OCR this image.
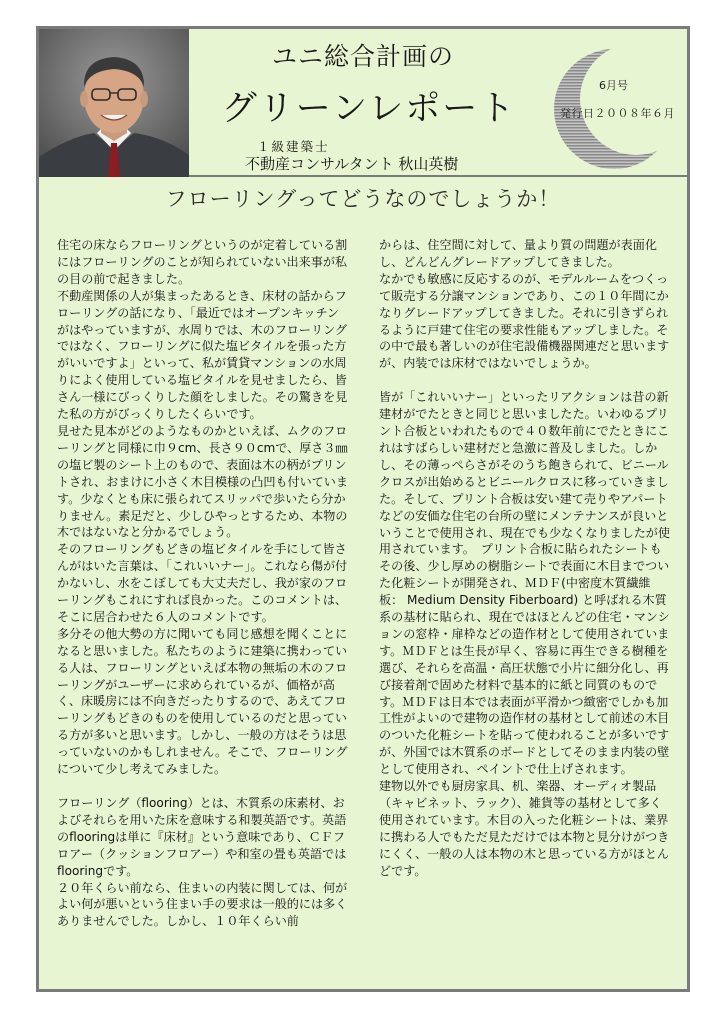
ユニ総合計画の
グリーンレポート
6月号
発行日２００８年６月
１級建築士
不動産コンサルタント 秋山英樹
フローリングってどうなのでしょうか！

住宅の床ならフローリングというのが定着している割にはフローリングのことが知られていない出来事が私の目の前で起きました。

不動産関係の人が集まったあるとき、床材の話からフローリングの話になり、「最近ではオープンキッチンがはやっていますが、水周りでは、木のフローリングではなく、フローリングに似た塩ビタイルを張った方がいいですよ」といって、私が賃貸マンションの水周りによく使用している塩ビタイルを見せましたら、皆さん一様にびっくりした顔をしました。その驚きを見た私の方がびっくりしたくらいです。

見せた見本がどのようなものかといえば、ムクのフローリングと同様に巾９cm、長さ９０cmで、厚さ３㎜の塩ビ製のシート上のもので、表面は木の柄がプリントされ、おまけに小さく木目模様の凸凹も付いています。少なくとも床に張られてスリッパで歩いたら分かりません。素足だと、少しひやっとするため、本物の木ではないなと分かるでしょう。

そのフローリングもどきの塩ビタイルを手にして皆さんがはいた言葉は、「これいいナー」。これなら傷が付かないし、水をこぼしても大丈夫だし、我が家のフローリングもこれにすれば良かった。このコメントは、そこに居合わせた６人のコメントです。

多分その他大勢の方に聞いても同じ感想を聞くことになると思いました。私たちのように建築に携わっている人は、フローリングといえば本物の無垢の木のフローリングがユーザーに求められているが、価格が高く、床暖房には不向きだったりするので、あえてフローリングもどきのものを使用しているのだと思っている方が多いと思います。しかし、一般の方はそうは思っていないのかもしれません。そこで、フローリングについて少し考えてみました。

フローリング（flooring）とは、木質系の床素材、およびそれらを用いた床を意味する和製英語です。英語のflooringは単に『床材』という意味であり、ＣＦフロアー（クッションフロアー）や和室の畳も英語ではflooringです。

２０年くらい前なら、住まいの内装に関しては、何がよい何が悪いという住まい手の要求は一般的には多くありませんでした。しかし、１０年くらい前

からは、住空間に対して、量より質の問題が表面化し、どんどんグレードアップしてきました。

なかでも敏感に反応するのが、モデルルームをつくって販売する分譲マンションであり、この１０年間にかなりグレードアップしてきました。それに引きずられるように戸建て住宅の要求性能もアップしました。その中で最も著しいのが住宅設備機器関連だと思いますが、内装では床材ではないでしょうか。

皆が「これいいナー」といったリアクションは昔の新建材がでたときと同じと思いましたた。いわゆるプリント合板といわれたもので４０数年前にでたときにこれはすばらしい建材だと急激に普及しました。しかし、その薄っぺらさがそのうち飽きられて、ビニールクロスが出始めるとビニールクロスに移っていきました。そして、プリント合板は安い建て売りやアパートなどの安価な住宅の台所の壁にメンテナンスが良いということで使用され、現在でも少なくなりましたが使用されています。　プリント合板に貼られたシートもその後、少し厚めの樹脂シートで表面に木目までついた化粧シートが開発され、ＭＤＦ(中密度木質繊維板： Medium Density Fiberboard) と呼ばれる木質系の基材に貼られ、現在ではほとんどの住宅・マンションの窓枠・扉枠などの造作材として使用されています。ＭＤＦとは生長が早く、容易に再生できる樹種を選び、それらを高温・高圧状態で小片に細分化し、再び接着剤で固めた材料で基本的に紙と同質のものです。ＭＤＦは日本では表面が平滑かつ緻密でしかも加工性がよいので建物の造作材の基材として前述の木目のついた化粧シートを貼って使われることが多いですが、外国では木質系のボードとしてそのまま内装の壁として使用され、ペイントで仕上げされます。

建物以外でも厨房家具、机、楽器、オーディオ製品（キャビネット、ラック）、雑貨等の基材として多く使用されています。木目の入った化粧シートは、業界に携わる人でもただ見ただけでは本物と見分けがつきにくく、一般の人は本物の木と思っている方がほとんどです。
